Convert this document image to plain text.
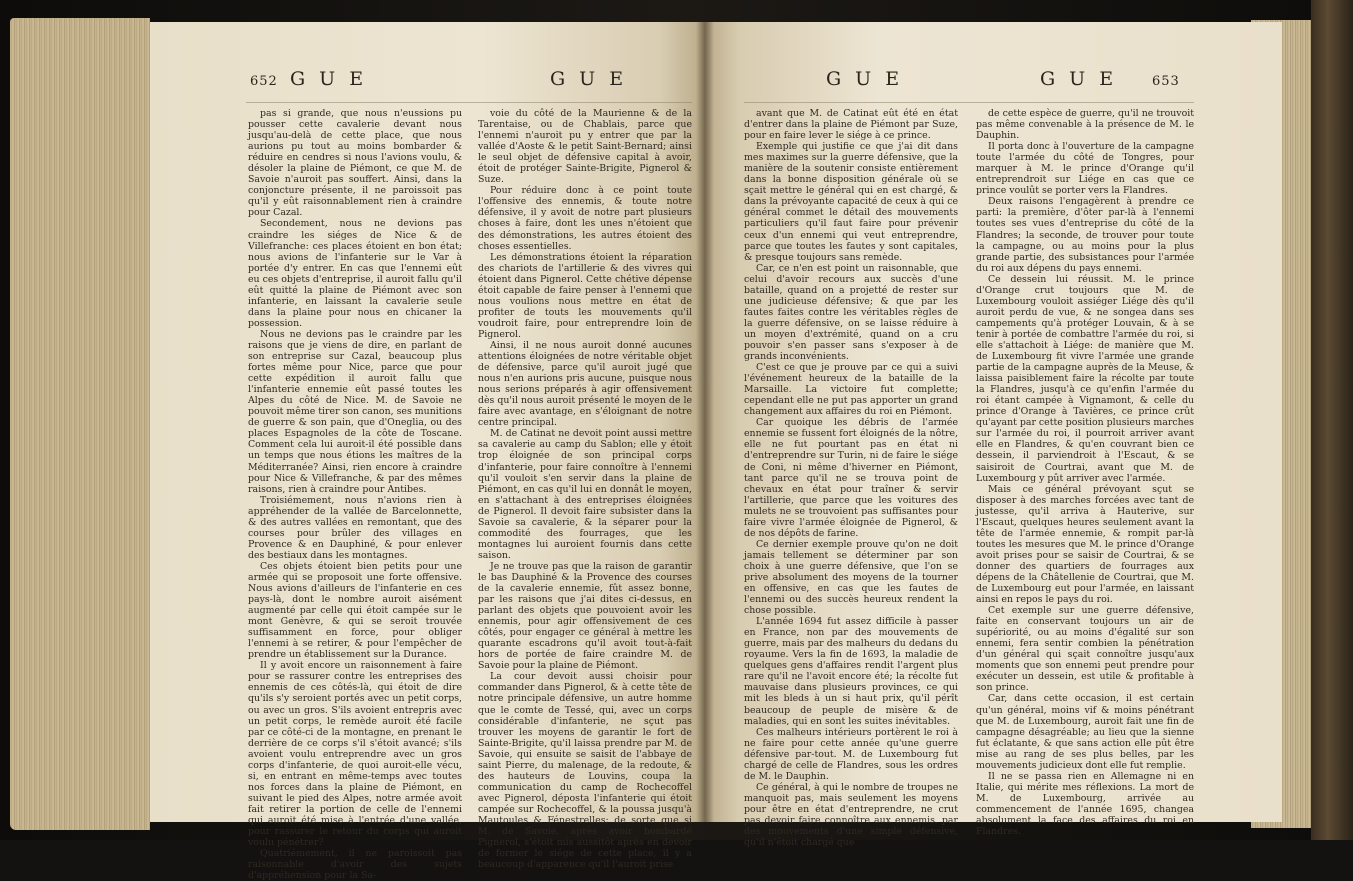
652 GUE	GUE

pas si grande, que nous n'eussions pu pousser cette cavalerie devant nous jusqu'au-delà de cette place, que nous aurions pu tout au moins bombarder & réduire en cendres si nous l'avions voulu, & désoler la plaine de Piémont, ce que M. de Savoie n'auroit pas souffert. Ainsi, dans la conjoncture présente, il ne paroissoit pas qu'il y eût raisonnablement rien à craindre pour Cazal.

Secondement, nous ne devions pas craindre les siéges de Nice & de Villefranche: ces places étoient en bon état; nous avions de l'infanterie sur le Var à portée d'y entrer. En cas que l'ennemi eût eu ces objets d'entreprise, il auroit fallu qu'il eût quitté la plaine de Piémont avec son infanterie, en laissant la cavalerie seule dans la plaine pour nous en chicaner la possession.

Nous ne devions pas le craindre par les raisons que je viens de dire, en parlant de son entreprise sur Cazal, beaucoup plus fortes même pour Nice, parce que pour cette expédition il auroit fallu que l'infanterie ennemie eût passé toutes les Alpes du côté de Nice. M. de Savoie ne pouvoit même tirer son canon, ses munitions de guerre & son pain, que d'Oneglia, ou des places Espagnoles de la côte de Toscane. Comment cela lui auroit-il été possible dans un temps que nous étions les maîtres de la Méditerranée? Ainsi, rien encore à craindre pour Nice & Villefranche, & par des mêmes raisons, rien à craindre pour Antibes.

Troisiémement, nous n'avions rien à appréhender de la vallée de Barcelonnette, & des autres vallées en remontant, que des courses pour brûler des villages en Provence & en Dauphiné, & pour enlever des bestiaux dans les montagnes.

Ces objets étoient bien petits pour une armée qui se proposoit une forte offensive. Nous avions d'ailleurs de l'infanterie en ces pays-là, dont le nombre auroit aisément augmenté par celle qui étoit campée sur le mont Genèvre, & qui se seroit trouvée suffisamment en force, pour obliger l'ennemi à se retirer, & pour l'empêcher de prendre un établissement sur la Durance.

Il y avoit encore un raisonnement à faire pour se rassurer contre les entreprises des ennemis de ces côtés-là, qui étoit de dire qu'ils s'y seroient portés avec un petit corps, ou avec un gros. S'ils avoient entrepris avec un petit corps, le remède auroit été facile par ce côté-ci de la montagne, en prenant le derrière de ce corps s'il s'étoit avancé; s'ils avoient voulu entreprendre avec un gros corps d'infanterie, de quoi auroit-elle vécu, si, en entrant en même-temps avec toutes nos forces dans la plaine de Piémont, en suivant le pied des Alpes, notre armée avoit fait retirer la portion de celle de l'ennemi qui auroit été mise à l'entrée d'une vallée, pour rassurer le retour du corps qui auroit voulu pénétrer?

Quatriémement, il ne paroissoit pas raisonnable d'avoir des sujets d'appréhension pour la Sa-

voie du côté de la Maurienne & de la Tarentaise, ou de Chablais, parce que l'ennemi n'auroit pu y entrer que par la vallée d'Aoste & le petit Saint-Bernard; ainsi le seul objet de défensive capital à avoir, étoit de protéger Sainte-Brigite, Pignerol & Suze.

Pour réduire donc à ce point toute l'offensive des ennemis, & toute notre défensive, il y avoit de notre part plusieurs choses à faire, dont les unes n'étoient que des démonstrations, les autres étoient des choses essentielles.

Les démonstrations étoient la réparation des chariots de l'artillerie & des vivres qui étoient dans Pignerol. Cette chétive dépense étoit capable de faire penser à l'ennemi que nous voulions nous mettre en état de profiter de touts les mouvements qu'il voudroit faire, pour entreprendre loin de Pignerol.

Ainsi, il ne nous auroit donné aucunes attentions éloignées de notre véritable objet de défensive, parce qu'il auroit jugé que nous n'en aurions pris aucune, puisque nous nous serions préparés à agir offensivement dès qu'il nous auroit présenté le moyen de le faire avec avantage, en s'éloignant de notre centre principal.

M. de Catinat ne devoit point aussi mettre sa cavalerie au camp du Sablon; elle y étoit trop éloignée de son principal corps d'infanterie, pour faire connoître à l'ennemi qu'il vouloit s'en servir dans la plaine de Piémont, en cas qu'il lui en donnât le moyen, en s'attachant à des entreprises éloignées de Pignerol. Il devoit faire subsister dans la Savoie sa cavalerie, & la séparer pour la commodité des fourrages, que les montagnes lui auroient fournis dans cette saison.

Je ne trouve pas que la raison de garantir le bas Dauphiné & la Provence des courses de la cavalerie ennemie, fût assez bonne, par les raisons que j'ai dites ci-dessus, en parlant des objets que pouvoient avoir les ennemis, pour agir offensivement de ces côtés, pour engager ce général à mettre les quarante escadrons qu'il avoit tout-à-fait hors de portée de faire craindre M. de Savoie pour la plaine de Piémont.

La cour devoit aussi choisir pour commander dans Pignerol, & à cette tête de notre principale défensive, un autre homme que le comte de Tessé, qui, avec un corps considérable d'infanterie, ne sçut pas trouver les moyens de garantir le fort de Sainte-Brigite, qu'il laissa prendre par M. de Savoie, qui ensuite se saisit de l'abbaye de saint Pierre, du malenage, de la redoute, & des hauteurs de Louvins, coupa la communication du camp de Rochecoffel avec Pignerol, déposta l'infanterie qui étoit campée sur Rochecoffel, & la poussa jusqu'à Mautoules & Fénestrelles; de sorte que si M. de Savoie, après avoir bombardé Pignerol, s'étoit mis aussitôt après en devoir de former le siége de cette place, il y a beaucoup d'apparence qu'il l'auroit prise

GUE	GUE 653

avant que M. de Catinat eût été en état d'entrer dans la plaine de Piémont par Suze, pour en faire lever le siége à ce prince.

Exemple qui justifie ce que j'ai dit dans mes maximes sur la guerre défensive, que la manière de la soutenir consiste entièrement dans la bonne disposition générale où se sçait mettre le général qui en est chargé, & dans la prévoyante capacité de ceux à qui ce général commet le détail des mouvements particuliers qu'il faut faire pour prévenir ceux d'un ennemi qui veut entreprendre, parce que toutes les fautes y sont capitales, & presque toujours sans remède.

Car, ce n'en est point un raisonnable, que celui d'avoir recours aux succès d'une bataille, quand on a projetté de rester sur une judicieuse défensive; & que par les fautes faites contre les véritables règles de la guerre défensive, on se laisse réduire à un moyen d'extrémité, quand on a cru pouvoir s'en passer sans s'exposer à de grands inconvénients.

C'est ce que je prouve par ce qui a suivi l'événement heureux de la bataille de la Marsaille. La victoire fut complette; cependant elle ne put pas apporter un grand changement aux affaires du roi en Piémont.

Car quoique les débris de l'armée ennemie se fussent fort éloignés de la nôtre, elle ne fut pourtant pas en état ni d'entreprendre sur Turin, ni de faire le siége de Coni, ni même d'hiverner en Piémont, tant parce qu'il ne se trouva point de chevaux en état pour traîner & servir l'artillerie, que parce que les voitures des mulets ne se trouvoient pas suffisantes pour faire vivre l'armée éloignée de Pignerol, & de nos dépôts de farine.

Ce dernier exemple prouve qu'on ne doit jamais tellement se déterminer par son choix à une guerre défensive, que l'on se prive absolument des moyens de la tourner en offensive, en cas que les fautes de l'ennemi ou des succès heureux rendent la chose possible.

L'année 1694 fut assez difficile à passer en France, non par des mouvements de guerre, mais par des malheurs du dedans du royaume. Vers la fin de 1693, la maladie de quelques gens d'affaires rendit l'argent plus rare qu'il ne l'avoit encore été; la récolte fut mauvaise dans plusieurs provinces, ce qui mit les bleds à un si haut prix, qu'il pérît beaucoup de peuple de misère & de maladies, qui en sont les suites inévitables.

Ces malheurs intérieurs portèrent le roi à ne faire pour cette année qu'une guerre défensive par-tout. M. de Luxembourg fut chargé de celle de Flandres, sous les ordres de M. le Dauphin.

Ce général, à qui le nombre de troupes ne manquoit pas, mais seulement les moyens pour être en état d'entreprendre, ne crut pas devoir faire connoître aux ennemis, par des mouvements d'une simple défensive, qu'il n'étoit chargé que

de cette espèce de guerre, qu'il ne trouvoit pas même convenable à la présence de M. le Dauphin.

Il porta donc à l'ouverture de la campagne toute l'armée du côté de Tongres, pour marquer à M. le prince d'Orange qu'il entreprendroit sur Liége en cas que ce prince voulût se porter vers la Flandres.

Deux raisons l'engagèrent à prendre ce parti: la première, d'ôter par-là à l'ennemi toutes ses vues d'entreprise du côté de la Flandres; la seconde, de trouver pour toute la campagne, ou au moins pour la plus grande partie, des subsistances pour l'armée du roi aux dépens du pays ennemi.

Ce dessein lui réussit. M. le prince d'Orange crut toujours que M. de Luxembourg vouloit assiéger Liége dès qu'il auroit perdu de vue, & ne songea dans ses campements qu'à protéger Louvain, & à se tenir à portée de combattre l'armée du roi, si elle s'attachoit à Liége: de manière que M. de Luxembourg fit vivre l'armée une grande partie de la campagne auprès de la Meuse, & laissa paisiblement faire la récolte par toute la Flandres, jusqu'à ce qu'enfin l'armée du roi étant campée à Vignamont, & celle du prince d'Orange à Tavières, ce prince crût qu'ayant par cette position plusieurs marches sur l'armée du roi, il pourroit arriver avant elle en Flandres, & qu'en couvrant bien ce dessein, il parviendroit à l'Escaut, & se saisiroit de Courtrai, avant que M. de Luxembourg y pût arriver avec l'armée.

Mais ce général prévoyant sçut se disposer à des marches forcées avec tant de justesse, qu'il arriva à Hauterive, sur l'Escaut, quelques heures seulement avant la tête de l'armée ennemie, & rompit par-là toutes les mesures que M. le prince d'Orange avoit prises pour se saisir de Courtrai, & se donner des quartiers de fourrages aux dépens de la Châtellenie de Courtrai, que M. de Luxembourg eut pour l'armée, en laissant ainsi en repos le pays du roi.

Cet exemple sur une guerre défensive, faite en conservant toujours un air de supériorité, ou au moins d'égalité sur son ennemi, fera sentir combien la pénétration d'un général qui sçait connoître jusqu'aux moments que son ennemi peut prendre pour exécuter un dessein, est utile & profitable à son prince.

Car, dans cette occasion, il est certain qu'un général, moins vif & moins pénétrant que M. de Luxembourg, auroit fait une fin de campagne désagréable; au lieu que la sienne fut éclatante, & que sans action elle pût être mise au rang de ses plus belles, par les mouvements judicieux dont elle fut remplie.

Il ne se passa rien en Allemagne ni en Italie, qui mérite mes réflexions. La mort de M. de Luxembourg, arrivée au commencement de l'année 1695, changea absolument la face des affaires du roi en Flandres.
